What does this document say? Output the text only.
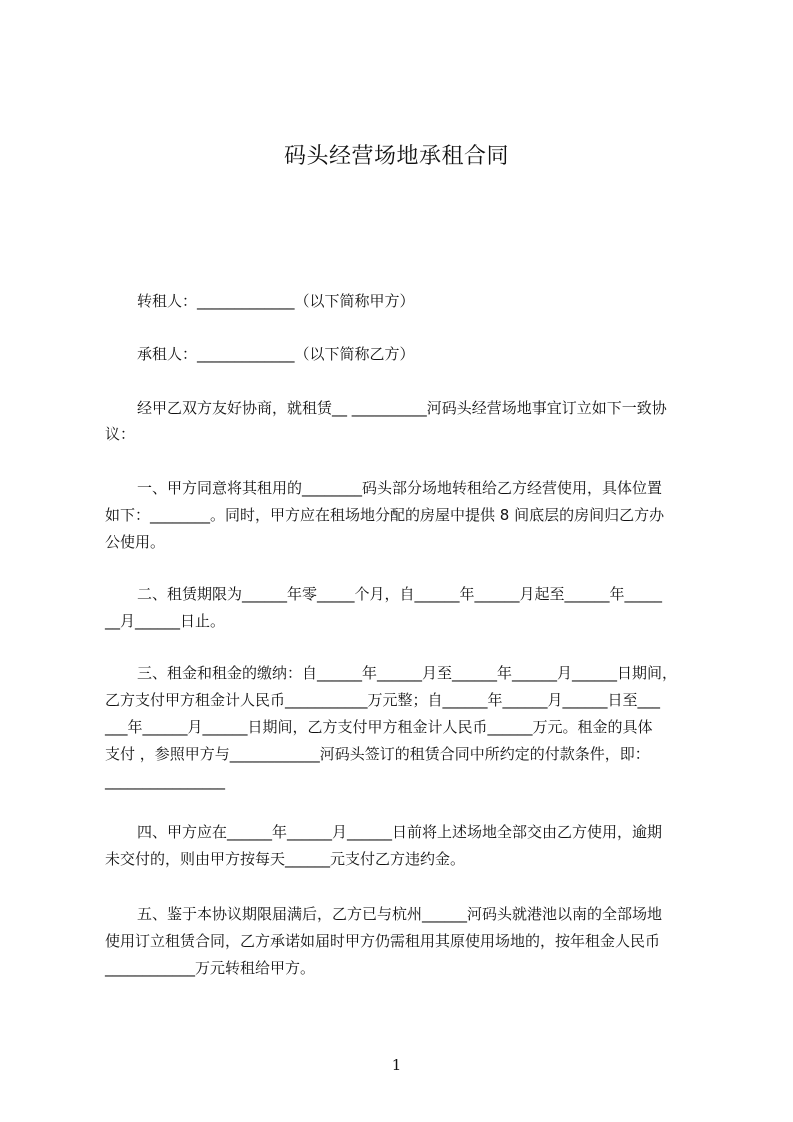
码头经营场地承租合同
转租人：_____________（以下简称甲方）
承租人：_____________（以下简称乙方）
经甲乙双方友好协商，就租赁__ __________河码头经营场地事宜订立如下一致协
议：
一、甲方同意将其租用的________码头部分场地转租给乙方经营使用，具体位置
如下：________。同时，甲方应在租场地分配的房屋中提供 8 间底层的房间归乙方办
公使用。
二、租赁期限为______年零_____个月，自______年______月起至______年_____
__月______日止。
三、租金和租金的缴纳：自______年______月至______年______月______日期间，
乙方支付甲方租金计人民币___________万元整；自______年______月______日至___
___年______月______日期间，乙方支付甲方租金计人民币______万元。租金的具体
支付 ，参照甲方与____________河码头签订的租赁合同中所约定的付款条件，即：
________________
四、甲方应在______年______月______日前将上述场地全部交由乙方使用，逾期
未交付的，则由甲方按每天______元支付乙方违约金。
五、鉴于本协议期限届满后，乙方已与杭州______河码头就港池以南的全部场地
使用订立租赁合同，乙方承诺如届时甲方仍需租用其原使用场地的，按年租金人民币
____________万元转租给甲方。
1
